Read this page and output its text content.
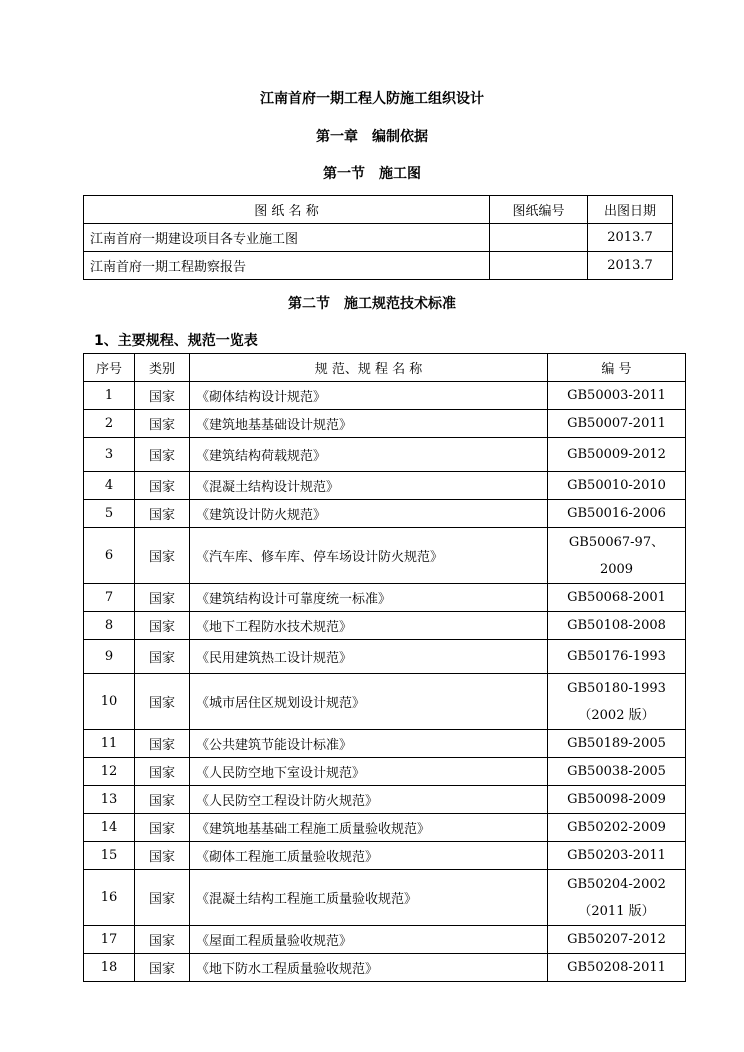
江南首府一期工程人防施工组织设计
第一章 编制依据
第一节 施工图
图 纸 名 称	图纸编号	出图日期
江南首府一期建设项目各专业施工图		2013.7
江南首府一期工程勘察报告		2013.7
第二节 施工规范技术标准
1、主要规程、规范一览表
序号	类别	规 范、规 程 名 称	编 号
1	国家	《砌体结构设计规范》	GB50003-2011
2	国家	《建筑地基基础设计规范》	GB50007-2011
3	国家	《建筑结构荷载规范》	GB50009-2012
4	国家	《混凝土结构设计规范》	GB50010-2010
5	国家	《建筑设计防火规范》	GB50016-2006
6	国家	《汽车库、修车库、停车场设计防火规范》	GB50067-97、
2009

7	国家	《建筑结构设计可靠度统一标准》	GB50068-2001
8	国家	《地下工程防水技术规范》	GB50108-2008
9	国家	《民用建筑热工设计规范》	GB50176-1993
10	国家	《城市居住区规划设计规范》	GB50180-1993
（2002 版）

11	国家	《公共建筑节能设计标准》	GB50189-2005
12	国家	《人民防空地下室设计规范》	GB50038-2005
13	国家	《人民防空工程设计防火规范》	GB50098-2009
14	国家	《建筑地基基础工程施工质量验收规范》	GB50202-2009
15	国家	《砌体工程施工质量验收规范》	GB50203-2011
16	国家	《混凝土结构工程施工质量验收规范》	GB50204-2002
（2011 版）

17	国家	《屋面工程质量验收规范》	GB50207-2012
18	国家	《地下防水工程质量验收规范》	GB50208-2011
